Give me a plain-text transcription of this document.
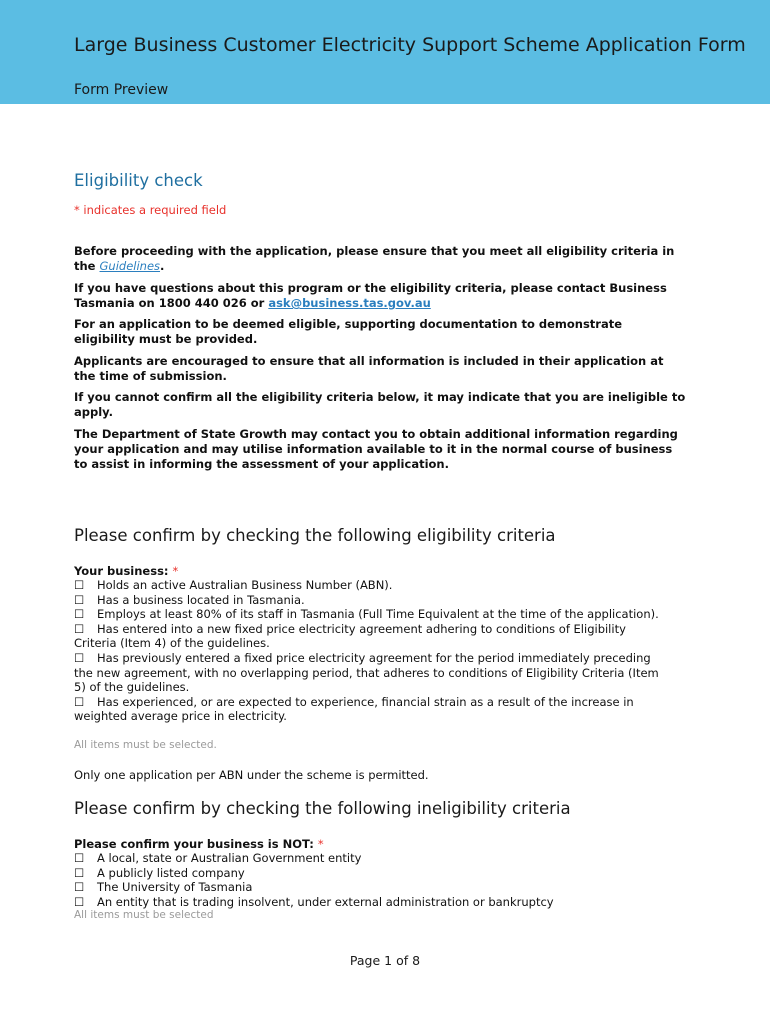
Large Business Customer Electricity Support Scheme Application Form
Form Preview
Eligibility check
* indicates a required field

Before proceeding with the application, please ensure that you meet all eligibility criteria in the Guidelines.

If you have questions about this program or the eligibility criteria, please contact Business Tasmania on 1800 440 026 or ask@business.tas.gov.au

For an application to be deemed eligible, supporting documentation to demonstrate eligibility must be provided.

Applicants are encouraged to ensure that all information is included in their application at the time of submission.

If you cannot confirm all the eligibility criteria below, it may indicate that you are ineligible to apply.

The Department of State Growth may contact you to obtain additional information regarding your application and may utilise information available to it in the normal course of business to assist in informing the assessment of your application.

Please confirm by checking the following eligibility criteria
Your business: *
☐ Holds an active Australian Business Number (ABN).
☐ Has a business located in Tasmania.
☐ Employs at least 80% of its staff in Tasmania (Full Time Equivalent at the time of the application).
☐ Has entered into a new fixed price electricity agreement adhering to conditions of Eligibility Criteria (Item 4) of the guidelines.
☐ Has previously entered a fixed price electricity agreement for the period immediately preceding the new agreement, with no overlapping period, that adheres to conditions of Eligibility Criteria (Item 5) of the guidelines.
☐ Has experienced, or are expected to experience, financial strain as a result of the increase in weighted average price in electricity.
All items must be selected.
Only one application per ABN under the scheme is permitted.
Please confirm by checking the following ineligibility criteria
Please confirm your business is NOT: *
☐ A local, state or Australian Government entity
☐ A publicly listed company
☐ The University of Tasmania
☐ An entity that is trading insolvent, under external administration or bankruptcy
All items must be selected
Page 1 of 8
